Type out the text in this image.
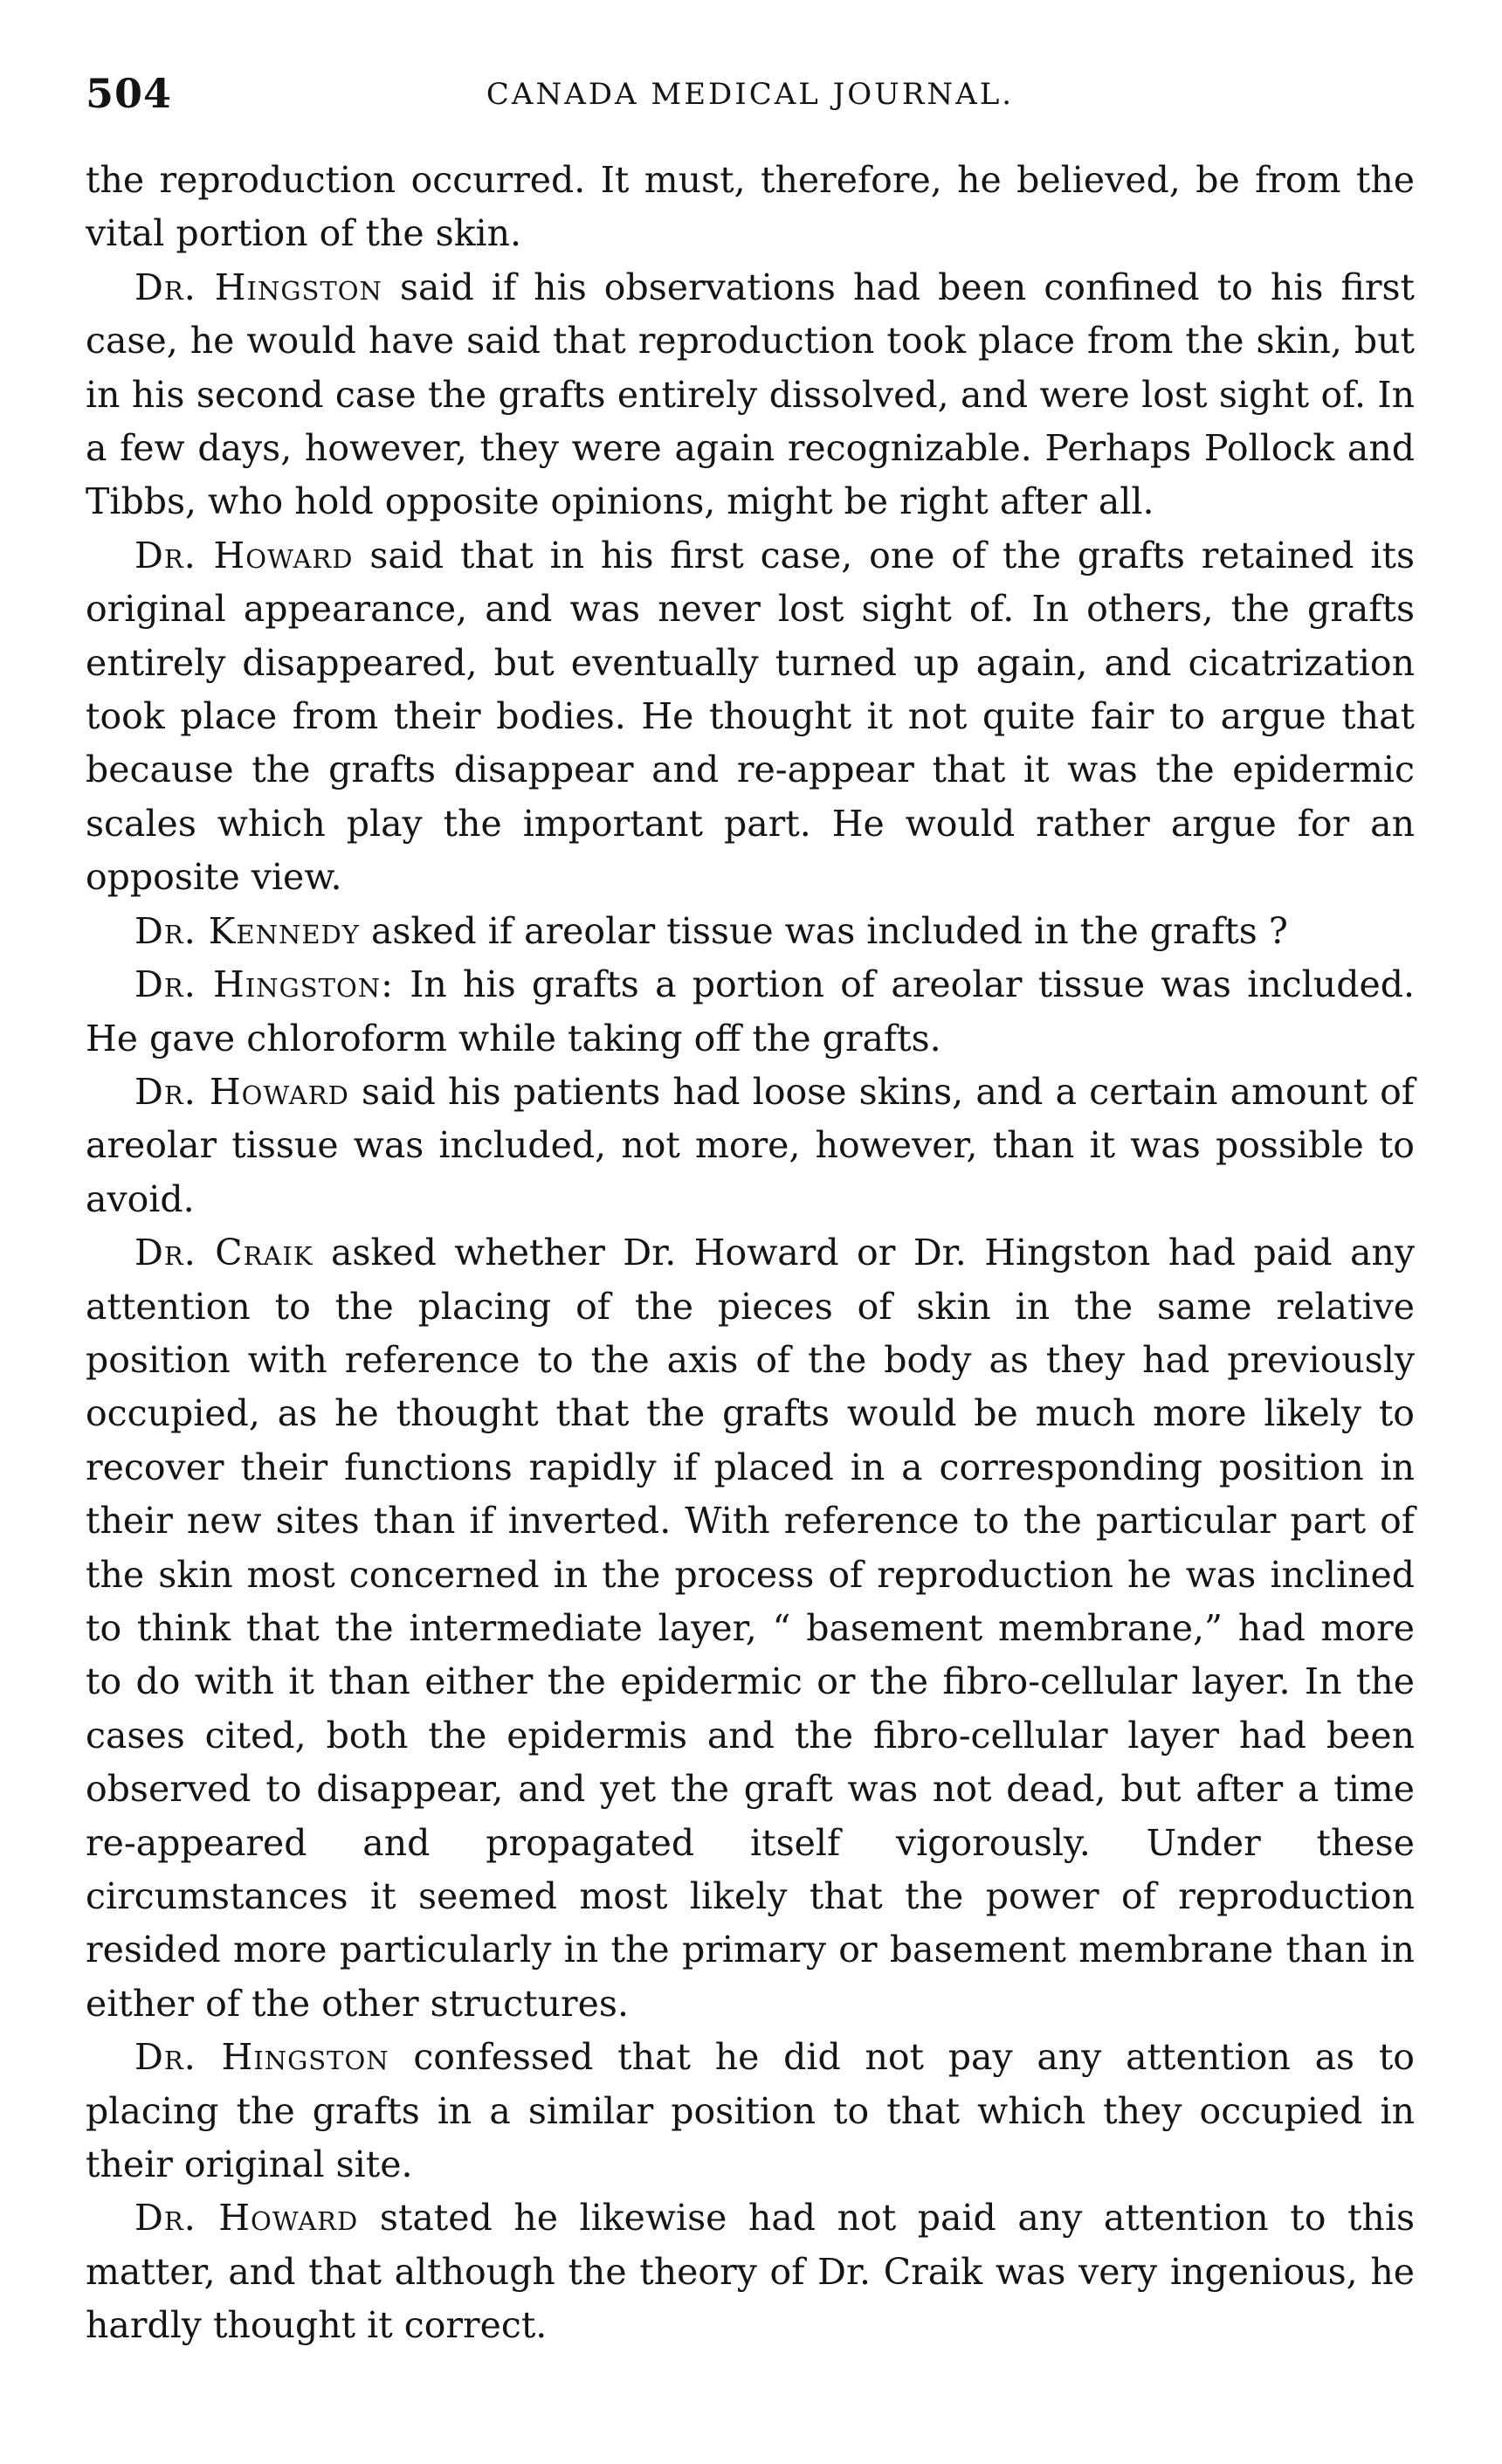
504	CANADA MEDICAL JOURNAL.

the reproduction occurred. It must, therefore, he believed, be from the vital portion of the skin.

Dr. Hingston said if his observations had been confined to his first case, he would have said that reproduction took place from the skin, but in his second case the grafts entirely dissolved, and were lost sight of. In a few days, however, they were again recognizable. Perhaps Pollock and Tibbs, who hold opposite opinions, might be right after all.

Dr. Howard said that in his first case, one of the grafts retained its original appearance, and was never lost sight of. In others, the grafts entirely disappeared, but eventually turned up again, and cicatrization took place from their bodies. He thought it not quite fair to argue that because the grafts disappear and re-appear that it was the epidermic scales which play the important part. He would rather argue for an opposite view.

Dr. Kennedy asked if areolar tissue was included in the grafts ?

Dr. Hingston: In his grafts a portion of areolar tissue was included. He gave chloroform while taking off the grafts.

Dr. Howard said his patients had loose skins, and a certain amount of areolar tissue was included, not more, however, than it was possible to avoid.

Dr. Craik asked whether Dr. Howard or Dr. Hingston had paid any attention to the placing of the pieces of skin in the same relative position with reference to the axis of the body as they had previously occupied, as he thought that the grafts would be much more likely to recover their functions rapidly if placed in a corresponding position in their new sites than if inverted. With reference to the particular part of the skin most concerned in the process of reproduction he was inclined to think that the intermediate layer, “ basement membrane,” had more to do with it than either the epidermic or the fibro-cellular layer. In the cases cited, both the epidermis and the fibro-cellular layer had been observed to disappear, and yet the graft was not dead, but after a time re-appeared and propagated itself vigorously. Under these circumstances it seemed most likely that the power of reproduction resided more particularly in the primary or basement membrane than in either of the other structures.

Dr. Hingston confessed that he did not pay any attention as to placing the grafts in a similar position to that which they occupied in their original site.

Dr. Howard stated he likewise had not paid any attention to this matter, and that although the theory of Dr. Craik was very ingenious, he hardly thought it correct.
